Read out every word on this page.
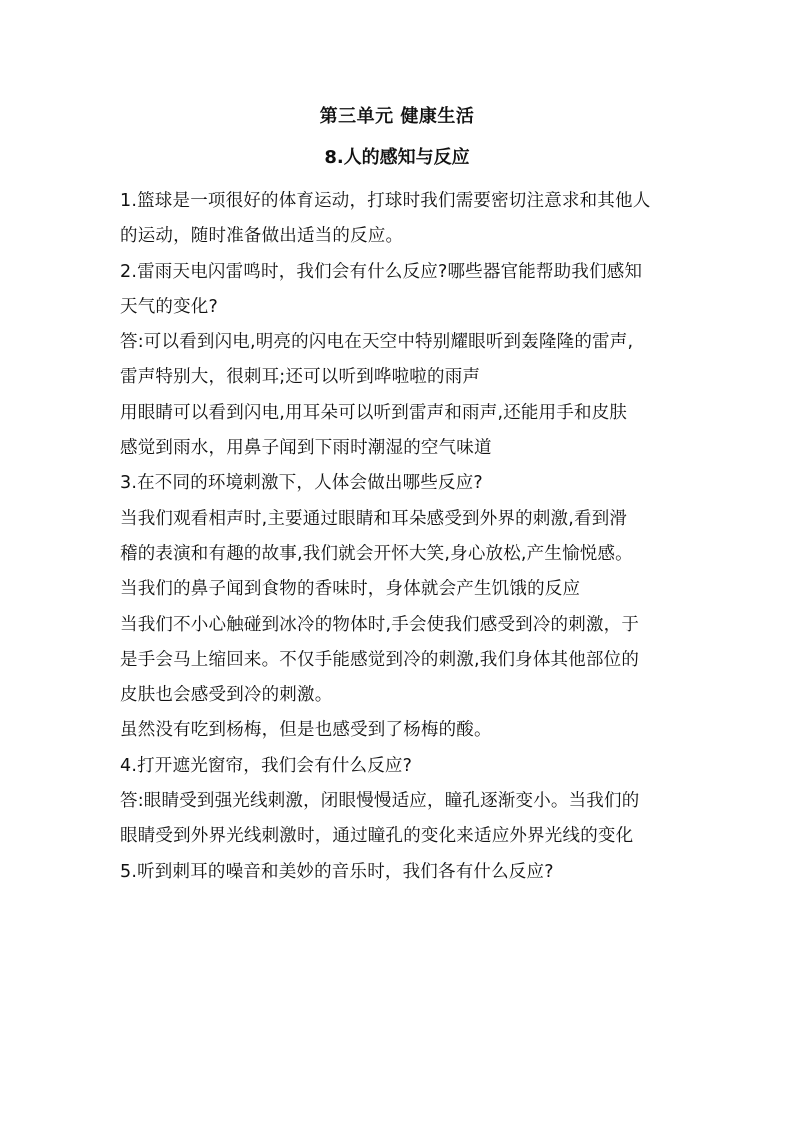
第三单元 健康生活
8.人的感知与反应
1.篮球是一项很好的体育运动，打球时我们需要密切注意求和其他人
的运动，随时准备做出适当的反应。
2.雷雨天电闪雷鸣时，我们会有什么反应?哪些器官能帮助我们感知
天气的变化?
答:可以看到闪电,明亮的闪电在天空中特别耀眼听到轰隆隆的雷声,
雷声特别大，很刺耳;还可以听到哗啦啦的雨声
用眼睛可以看到闪电,用耳朵可以听到雷声和雨声,还能用手和皮肤
感觉到雨水，用鼻子闻到下雨时潮湿的空气味道
3.在不同的环境刺激下，人体会做出哪些反应?
当我们观看相声时,主要通过眼睛和耳朵感受到外界的刺激,看到滑
稽的表演和有趣的故事,我们就会开怀大笑,身心放松,产生愉悦感。
当我们的鼻子闻到食物的香味时，身体就会产生饥饿的反应
当我们不小心触碰到冰冷的物体时,手会使我们感受到冷的刺激，于
是手会马上缩回来。不仅手能感觉到冷的刺激,我们身体其他部位的
皮肤也会感受到冷的刺激。
虽然没有吃到杨梅，但是也感受到了杨梅的酸。
4.打开遮光窗帘，我们会有什么反应?
答:眼睛受到强光线刺激，闭眼慢慢适应，瞳孔逐渐变小。当我们的
眼睛受到外界光线刺激时，通过瞳孔的变化来适应外界光线的变化
5.听到刺耳的噪音和美妙的音乐时，我们各有什么反应?
